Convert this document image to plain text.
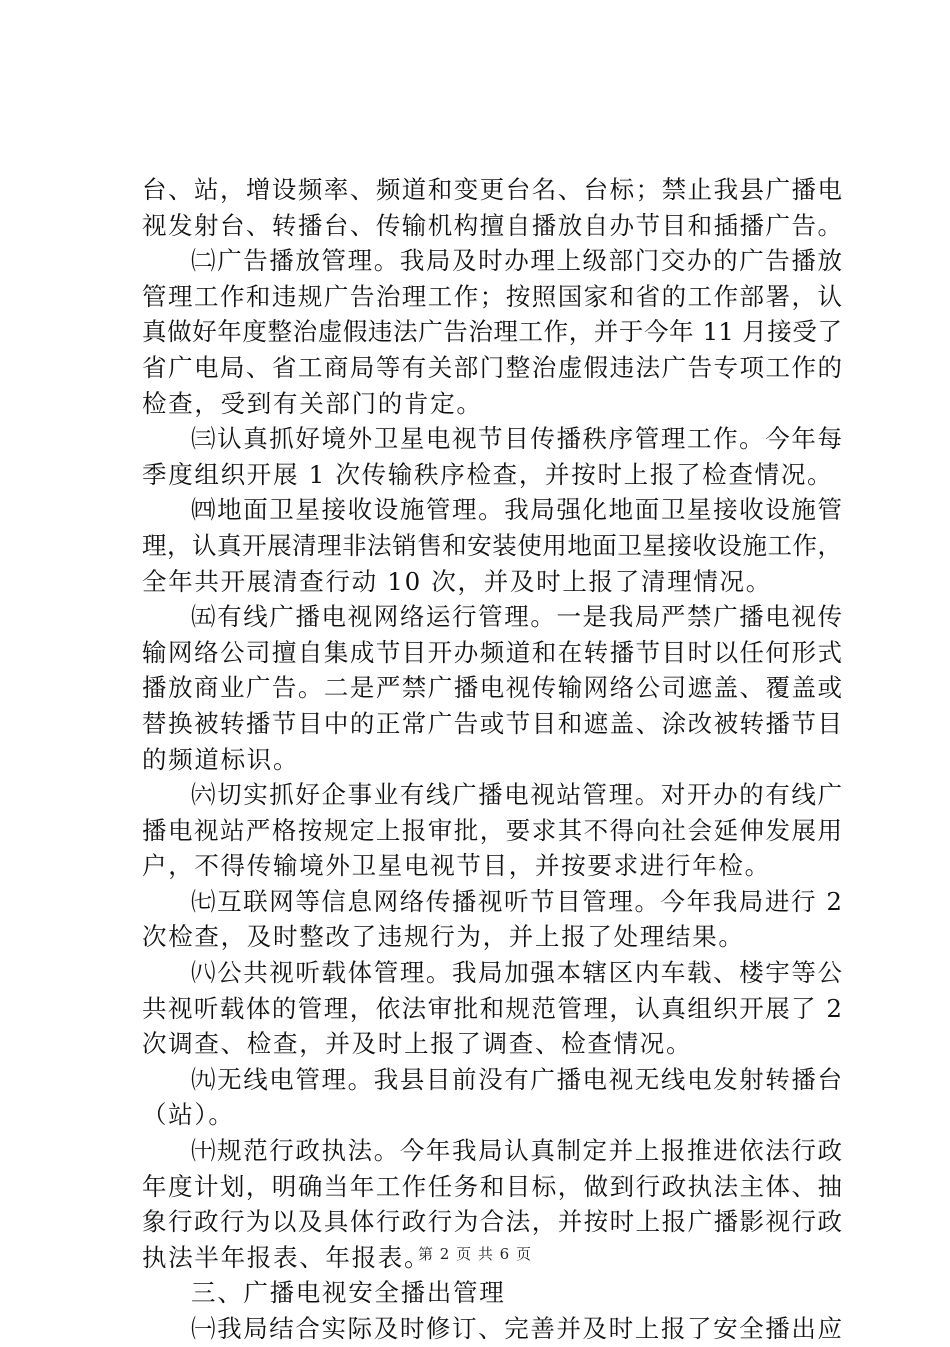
台、站，增设频率、频道和变更台名、台标；禁止我县广播电
视发射台、转播台、传输机构擅自播放自办节目和插播广告。
㈡广告播放管理。我局及时办理上级部门交办的广告播放
管理工作和违规广告治理工作；按照国家和省的工作部署，认
真做好年度整治虚假违法广告治理工作，并于今年 11 月接受了
省广电局、省工商局等有关部门整治虚假违法广告专项工作的
检查，受到有关部门的肯定。
㈢认真抓好境外卫星电视节目传播秩序管理工作。今年每
季度组织开展 1 次传输秩序检查，并按时上报了检查情况。
㈣地面卫星接收设施管理。我局强化地面卫星接收设施管
理，认真开展清理非法销售和安装使用地面卫星接收设施工作，
全年共开展清查行动 10 次，并及时上报了清理情况。
㈤有线广播电视网络运行管理。一是我局严禁广播电视传
输网络公司擅自集成节目开办频道和在转播节目时以任何形式
播放商业广告。二是严禁广播电视传输网络公司遮盖、覆盖或
替换被转播节目中的正常广告或节目和遮盖、涂改被转播节目
的频道标识。
㈥切实抓好企事业有线广播电视站管理。对开办的有线广
播电视站严格按规定上报审批，要求其不得向社会延伸发展用
户，不得传输境外卫星电视节目，并按要求进行年检。
㈦互联网等信息网络传播视听节目管理。今年我局进行 2
次检查，及时整改了违规行为，并上报了处理结果。
㈧公共视听载体管理。我局加强本辖区内车载、楼宇等公
共视听载体的管理，依法审批和规范管理，认真组织开展了 2
次调查、检查，并及时上报了调查、检查情况。
㈨无线电管理。我县目前没有广播电视无线电发射转播台
（站）。
㈩规范行政执法。今年我局认真制定并上报推进依法行政
年度计划，明确当年工作任务和目标，做到行政执法主体、抽
象行政行为以及具体行政行为合法，并按时上报广播影视行政
执法半年报表、年报表。
三、广播电视安全播出管理
㈠我局结合实际及时修订、完善并及时上报了安全播出应
第 2 页 共 6 页
